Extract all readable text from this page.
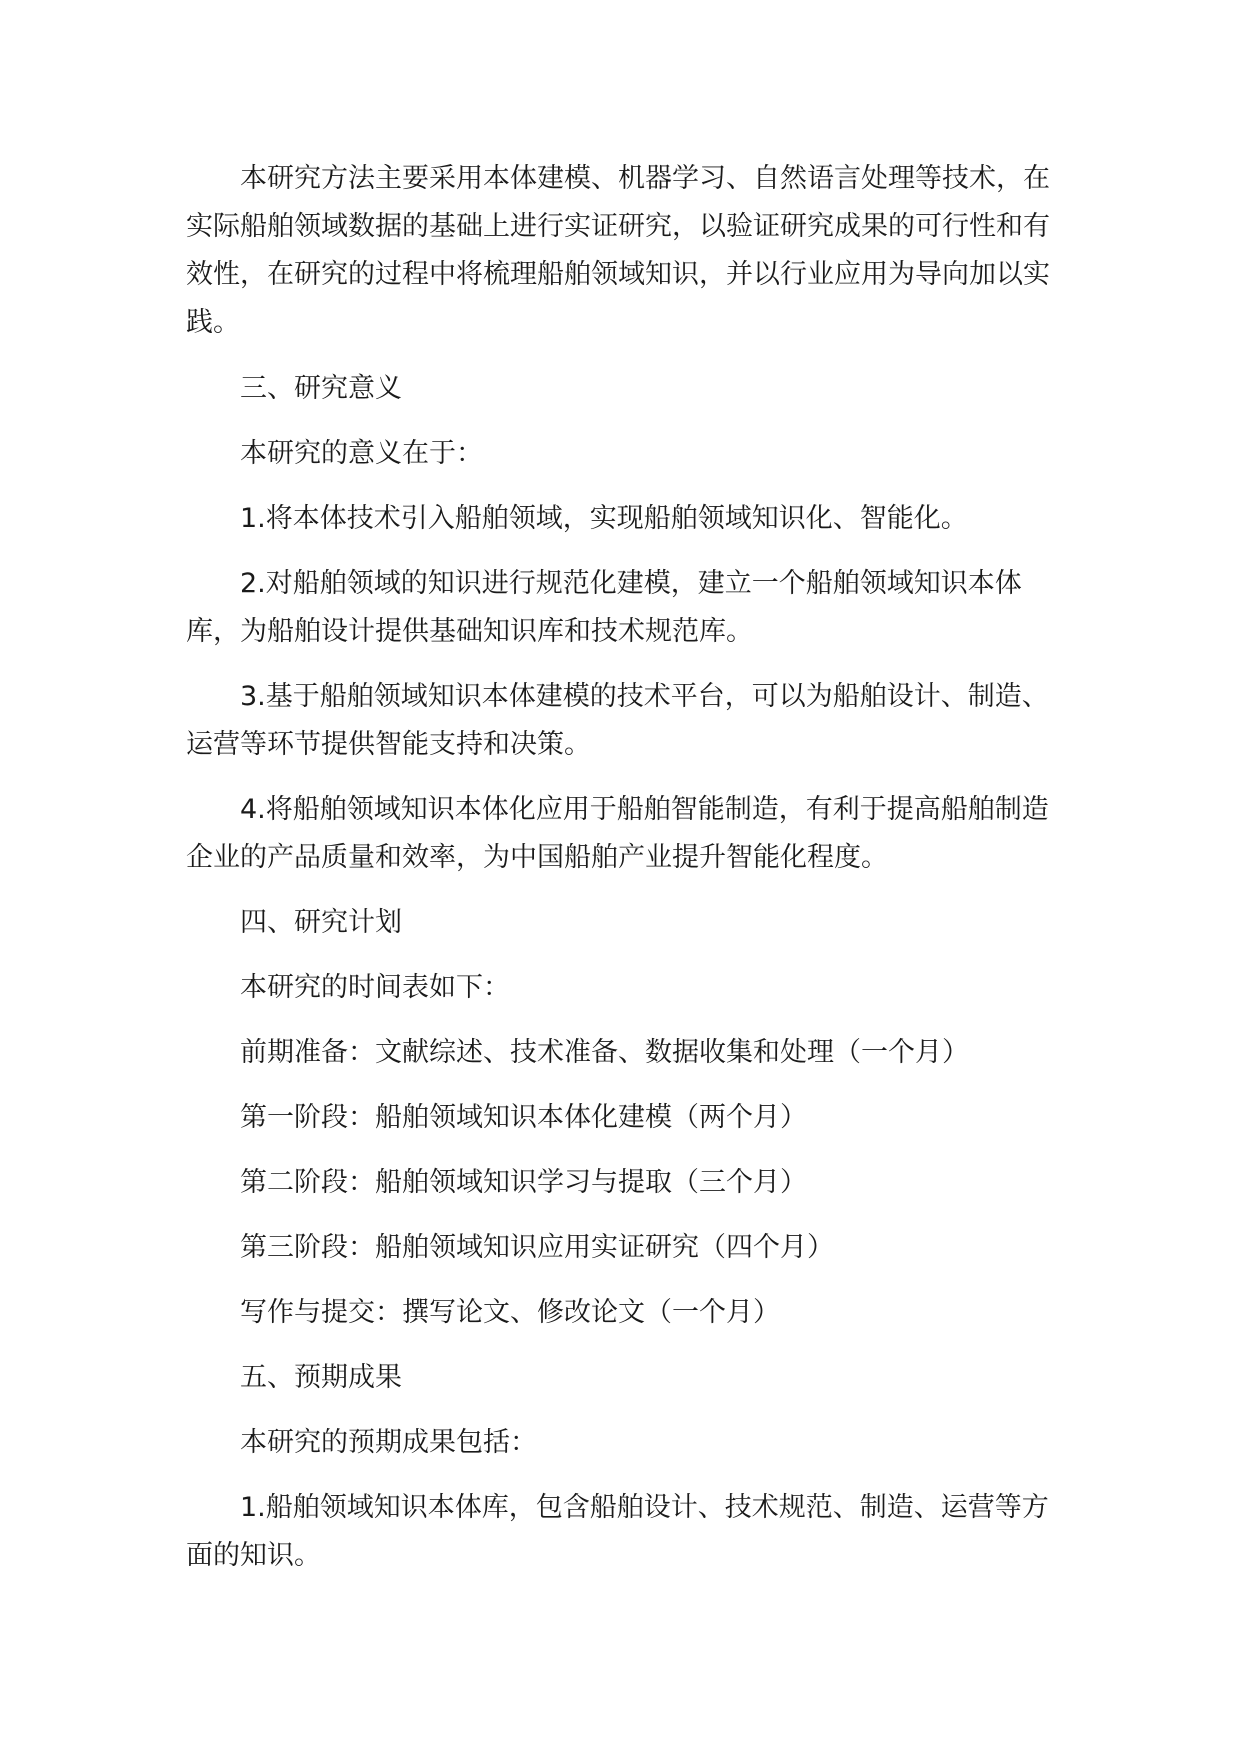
本研究方法主要采用本体建模、机器学习、自然语言处理等技术，在实际船舶领域数据的基础上进行实证研究，以验证研究成果的可行性和有效性，在研究的过程中将梳理船舶领域知识，并以行业应用为导向加以实践。

三、研究意义

本研究的意义在于：

1.将本体技术引入船舶领域，实现船舶领域知识化、智能化。

2.对船舶领域的知识进行规范化建模，建立一个船舶领域知识本体库，为船舶设计提供基础知识库和技术规范库。

3.基于船舶领域知识本体建模的技术平台，可以为船舶设计、制造、运营等环节提供智能支持和决策。

4.将船舶领域知识本体化应用于船舶智能制造，有利于提高船舶制造企业的产品质量和效率，为中国船舶产业提升智能化程度。

四、研究计划

本研究的时间表如下：

前期准备：文献综述、技术准备、数据收集和处理（一个月）

第一阶段：船舶领域知识本体化建模（两个月）

第二阶段：船舶领域知识学习与提取（三个月）

第三阶段：船舶领域知识应用实证研究（四个月）

写作与提交：撰写论文、修改论文（一个月）

五、预期成果

本研究的预期成果包括：

1.船舶领域知识本体库，包含船舶设计、技术规范、制造、运营等方面的知识。
